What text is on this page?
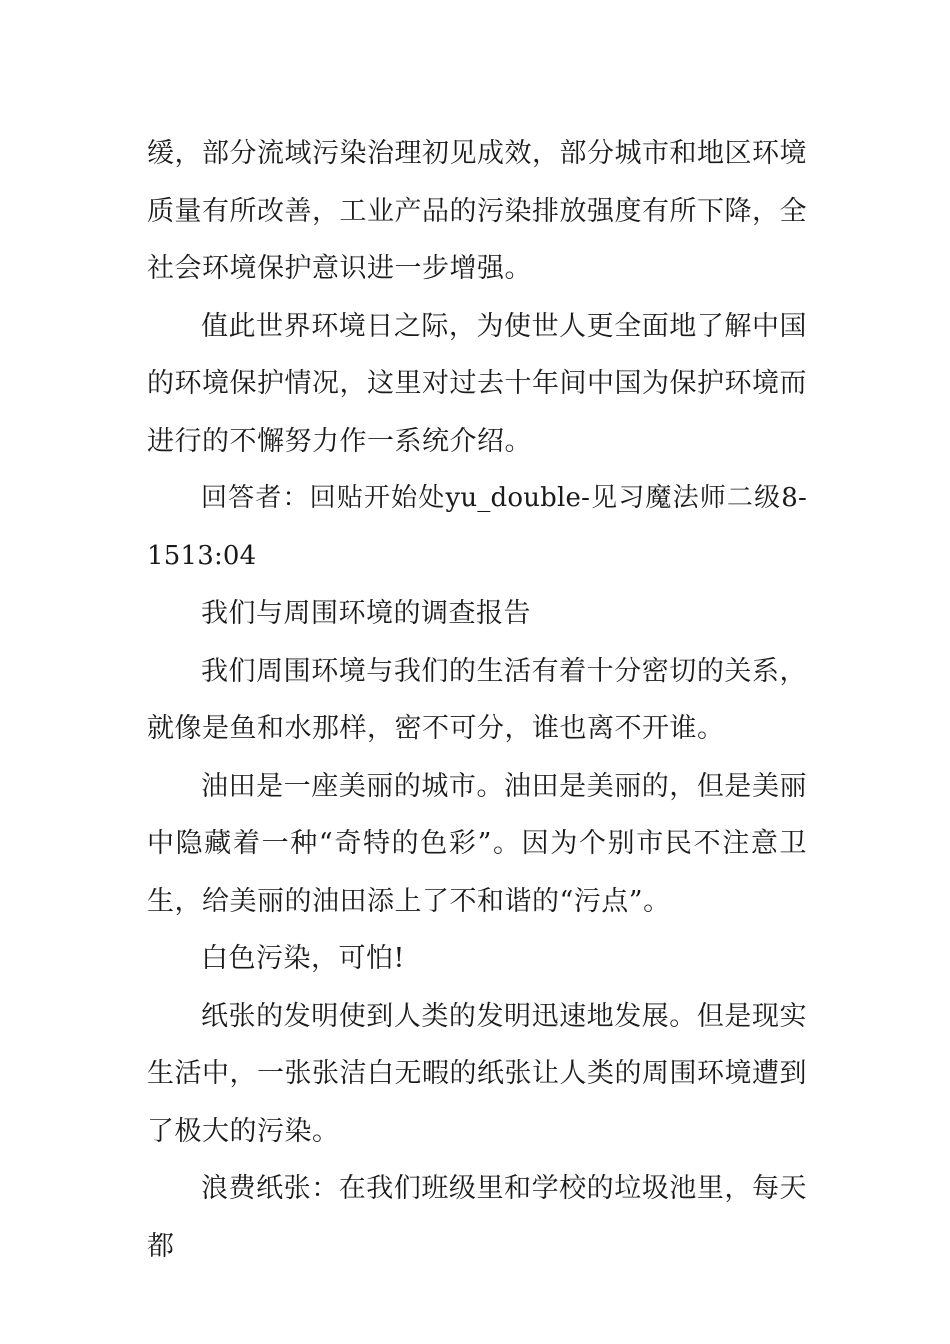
缓，部分流域污染治理初见成效，部分城市和地区环境质量有所改善，工业产品的污染排放强度有所下降，全社会环境保护意识进一步增强。

值此世界环境日之际，为使世人更全面地了解中国的环境保护情况，这里对过去十年间中国为保护环境而进行的不懈努力作一系统介绍。

回答者：回贴开始处yu_double-见习魔法师二级8-1513:04

我们与周围环境的调查报告

我们周围环境与我们的生活有着十分密切的关系，就像是鱼和水那样，密不可分，谁也离不开谁。

油田是一座美丽的城市。油田是美丽的，但是美丽中隐藏着一种“奇特的色彩”。因为个别市民不注意卫生，给美丽的油田添上了不和谐的“污点”。

白色污染，可怕!

纸张的发明使到人类的发明迅速地发展。但是现实生活中，一张张洁白无暇的纸张让人类的周围环境遭到了极大的污染。

浪费纸张：在我们班级里和学校的垃圾池里，每天都
